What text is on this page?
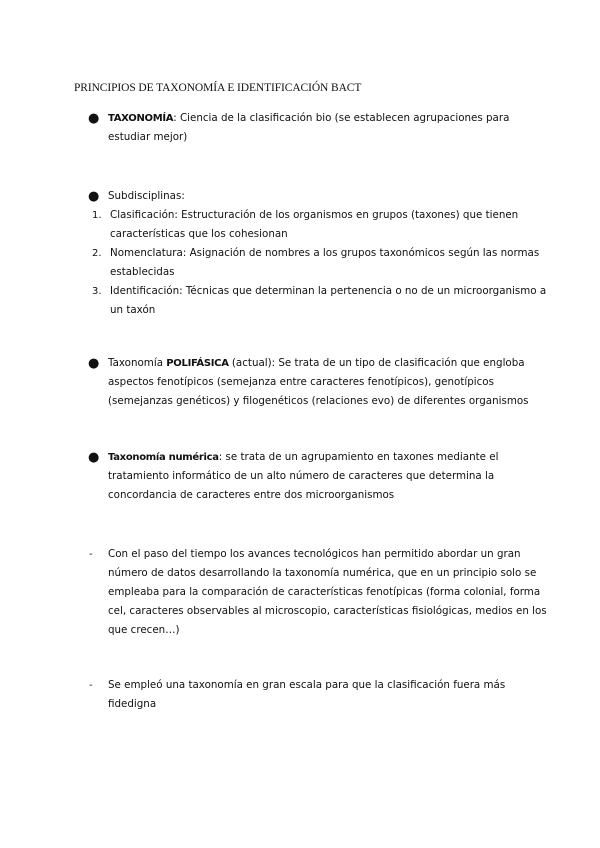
PRINCIPIOS DE TAXONOMÍA E IDENTIFICACIÓN BACT
● TAXONOMÍA: Ciencia de la clasificación bio (se establecen agrupaciones para estudiar mejor)
● Subdisciplinas:
1. Clasificación: Estructuración de los organismos en grupos (taxones) que tienen características que los cohesionan
2. Nomenclatura: Asignación de nombres a los grupos taxonómicos según las normas establecidas
3. Identificación: Técnicas que determinan la pertenencia o no de un microorganismo a un taxón
● Taxonomía POLIFÁSICA (actual): Se trata de un tipo de clasificación que engloba aspectos fenotípicos (semejanza entre caracteres fenotípicos), genotípicos (semejanzas genéticos) y filogenéticos (relaciones evo) de diferentes organismos
● Taxonomía numérica: se trata de un agrupamiento en taxones mediante el tratamiento informático de un alto número de caracteres que determina la concordancia de caracteres entre dos microorganismos
-	Con el paso del tiempo los avances tecnológicos han permitido abordar un gran número de datos desarrollando la taxonomía numérica, que en un principio solo se empleaba para la comparación de características fenotípicas (forma colonial, forma cel, caracteres observables al microscopio, características fisiológicas, medios en los que crecen…)
-	Se empleó una taxonomía en gran escala para que la clasificación fuera más fidedigna
